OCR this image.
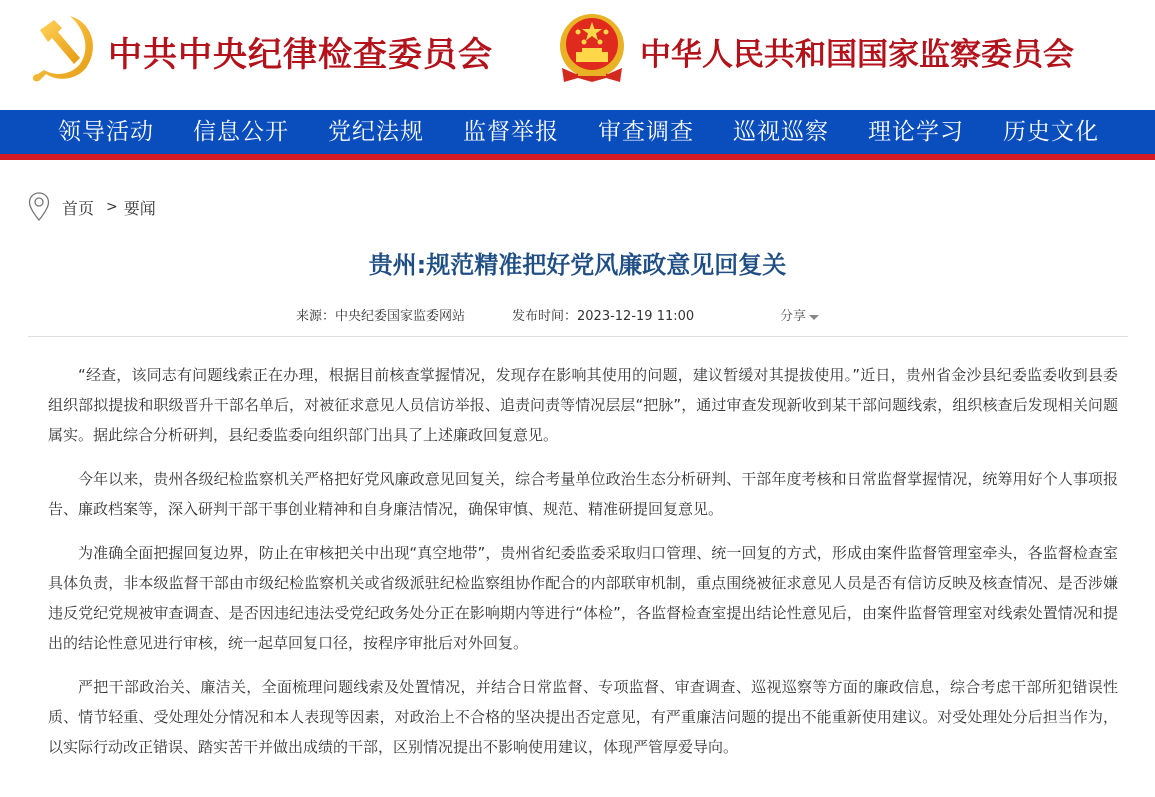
中共中央纪律检查委员会	中华人民共和国国家监察委员会
领导活动 信息公开 党纪法规 监督举报 审查调查 巡视巡察 理论学习 历史文化
首页 > 要闻
贵州:规范精准把好党风廉政意见回复关
来源：中央纪委国家监委网站	发布时间：2023-12-19 11:00	分享

“经查，该同志有问题线索正在办理，根据目前核查掌握情况，发现存在影响其使用的问题，建议暂缓对其提拔使用。”近日，贵州省金沙县纪委监委收到县委组织部拟提拔和职级晋升干部名单后，对被征求意见人员信访举报、追责问责等情况层层“把脉”，通过审查发现新收到某干部问题线索，组织核查后发现相关问题属实。据此综合分析研判，县纪委监委向组织部门出具了上述廉政回复意见。

今年以来，贵州各级纪检监察机关严格把好党风廉政意见回复关，综合考量单位政治生态分析研判、干部年度考核和日常监督掌握情况，统筹用好个人事项报告、廉政档案等，深入研判干部干事创业精神和自身廉洁情况，确保审慎、规范、精准研提回复意见。

为准确全面把握回复边界，防止在审核把关中出现“真空地带”，贵州省纪委监委采取归口管理、统一回复的方式，形成由案件监督管理室牵头，各监督检查室具体负责，非本级监督干部由市级纪检监察机关或省级派驻纪检监察组协作配合的内部联审机制，重点围绕被征求意见人员是否有信访反映及核查情况、是否涉嫌违反党纪党规被审查调查、是否因违纪违法受党纪政务处分正在影响期内等进行“体检”，各监督检查室提出结论性意见后，由案件监督管理室对线索处置情况和提出的结论性意见进行审核，统一起草回复口径，按程序审批后对外回复。

严把干部政治关、廉洁关，全面梳理问题线索及处置情况，并结合日常监督、专项监督、审查调查、巡视巡察等方面的廉政信息，综合考虑干部所犯错误性质、情节轻重、受处理处分情况和本人表现等因素，对政治上不合格的坚决提出否定意见，有严重廉洁问题的提出不能重新使用建议。对受处理处分后担当作为，以实际行动改正错误、踏实苦干并做出成绩的干部，区别情况提出不影响使用建议，体现严管厚爱导向。
